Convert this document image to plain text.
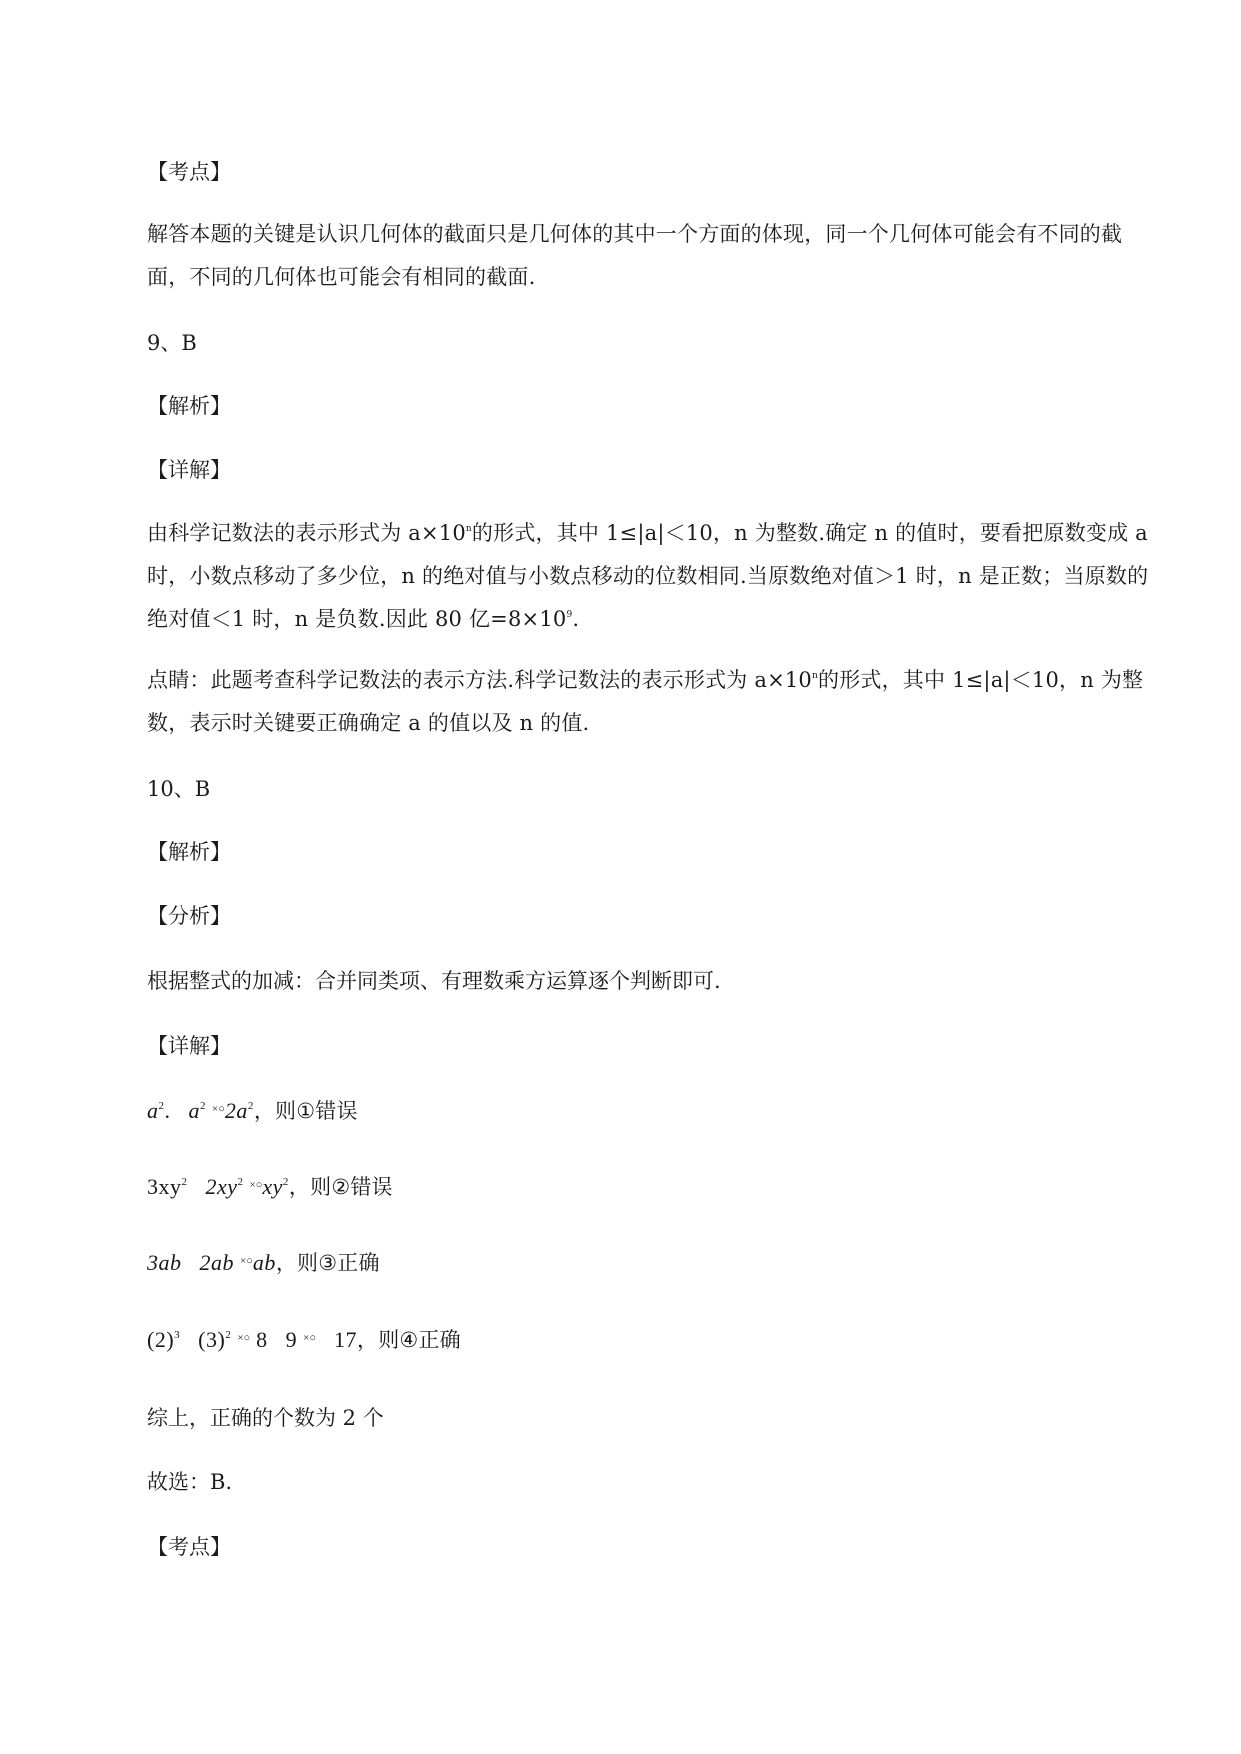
【考点】
解答本题的关键是认识几何体的截面只是几何体的其中一个方面的体现，同一个几何体可能会有不同的截面，不同的几何体也可能会有相同的截面.
9、B
【解析】
【详解】
由科学记数法的表示形式为 $a\times 10^n$的形式，其中 1≤|a|＜10，n 为整数.确定 n 的值时，要看把原数变成 a 时，小数点移动了多少位，n 的绝对值与小数点移动的位数相同.当原数绝对值＞1 时，n 是正数；当原数的绝对值＜1 时，n 是负数.因此 80 亿$=8\times 10^9$.
点睛：此题考查科学记数法的表示方法.科学记数法的表示形式为 $a\times 10^n$的形式，其中 1≤|a|＜10，n 为整数，表示时关键要正确确定 a 的值以及 n 的值.
10、B
【解析】
【分析】
根据整式的加减：合并同类项、有理数乘方运算逐个判断即可.
【详解】
$a^2$. $a^2$ $^{\times○}2a^2$，则①错误
$3xy^2$ $2xy^2$ $^{\times○}xy^2$，则②错误
3ab 2ab ×○ab，则③正确
$(2)^3$ $(3)^2$ ×○ 8 9 ×○ 17，则④正确
综上，正确的个数为 2 个
故选：B.
【考点】
